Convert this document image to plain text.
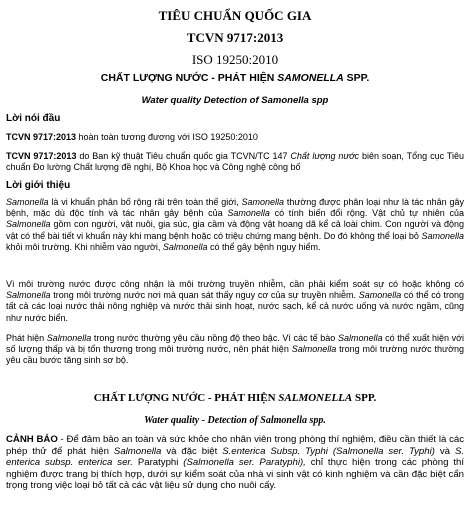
TIÊU CHUẨN QUỐC GIA
TCVN 9717:2013
ISO 19250:2010
CHẤT LƯỢNG NƯỚC - PHÁT HIỆN SAMONELLA SPP.
Water quality Detection of Samonella spp
Lời nói đầu
TCVN 9717:2013 hoàn toàn tương đương với ISO 19250:2010
TCVN 9717:2013 do Ban kỹ thuật Tiêu chuẩn quốc gia TCVN/TC 147 Chất lượng nước biên soạn, Tổng cục Tiêu chuẩn Đo lường Chất lượng đề nghị, Bộ Khoa học và Công nghệ công bố
Lời giới thiệu
Samonella là vi khuẩn phân bố rộng rãi trên toàn thế giới, Samonella thường được phân loại như là tác nhân gây bệnh, mặc dù độc tính và tác nhân gây bệnh của Samonella có tính biến đổi rộng. Vật chủ tự nhiên của Salmonella gồm con người, vật nuôi, gia súc, gia cầm và động vật hoang dã kể cả loài chim. Con người và động vật có thể bài tiết vi khuẩn này khi mang bệnh hoặc có triệu chứng mang bệnh. Do đó không thể loại bỏ Samonella khỏi môi trường. Khi nhiễm vào người, Salmonella có thể gây bệnh nguy hiểm.
Vì môi trường nước được công nhận là môi trường truyền nhiễm, cần phải kiểm soát sự có hoặc không có Salmonella trong môi trường nước nơi mà quan sát thấy nguy cơ của sự truyền nhiễm. Samonella có thể có trong tất cả các loại nước thải nông nghiệp và nước thải sinh hoạt, nước sạch, kể cả nước uống và nước ngầm, cũng như nước biển.
Phát hiện Salmonella trong nước thường yêu cầu nồng độ theo bậc. Vì các tế bào Salmonella có thể xuất hiện với số lượng thấp và bị tổn thương trong môi trường nước, nên phát hiện Salmonella trong môi trường nước thường yêu cầu bước tăng sinh sơ bộ.
CHẤT LƯỢNG NƯỚC - PHÁT HIỆN SALMONELLA SPP.
Water quality - Detection of Salmonella spp.
CẢNH BÁO - Để đảm bảo an toàn và sức khỏe cho nhân viên trong phòng thí nghiệm, điều cần thiết là các phép thử để phát hiện Salmonella và đặc biệt S.enterica Subsp. Typhi (Salmonella ser. Typhi) và S. enterica subsp. enterica ser. Paratyphi (Salmonella ser. Paratyphi), chỉ thực hiện trong các phòng thí nghiệm được trang bị thích hợp, dưới sự kiểm soát của nhà vi sinh vật có kinh nghiệm và cần đặc biệt cẩn trọng trong việc loại bỏ tất cả các vật liệu sử dụng cho nuôi cấy.
